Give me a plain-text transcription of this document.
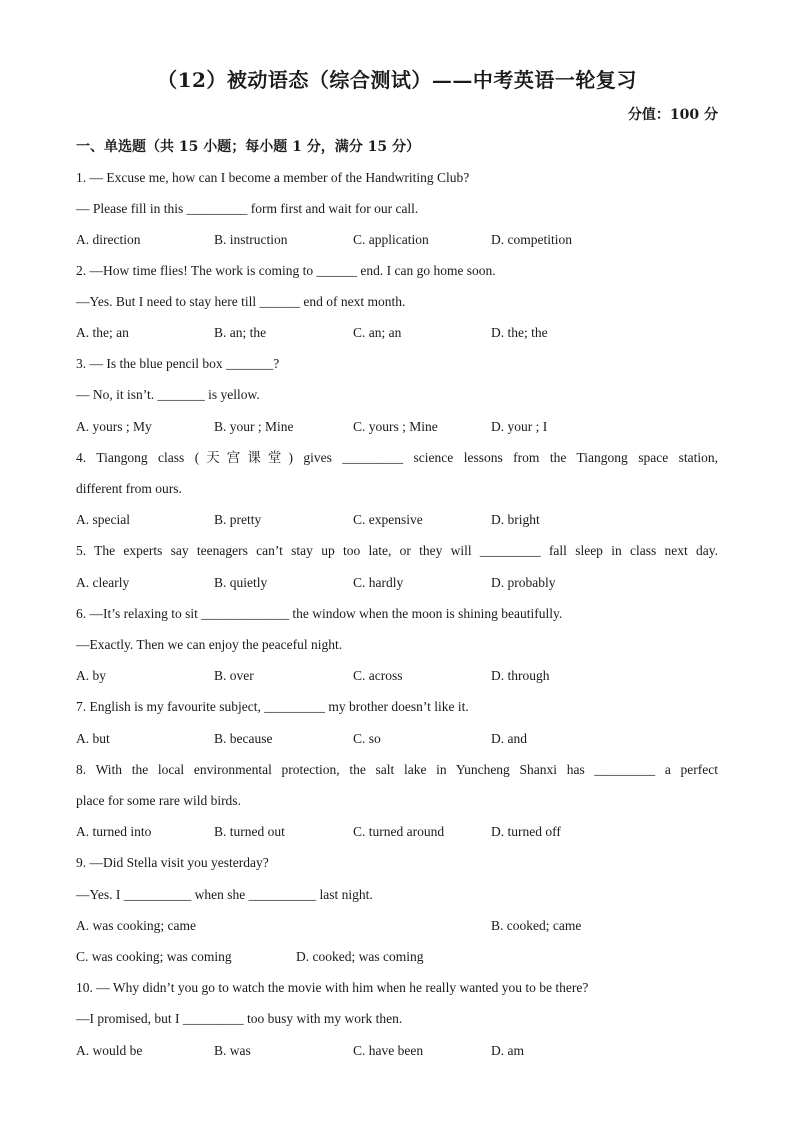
（12）被动语态（综合测试）——中考英语一轮复习
分值：100 分
一、单选题（共 15 小题；每小题 1 分，满分 15 分）
1. — Excuse me, how can I become a member of the Handwriting Club?
— Please fill in this _________ form first and wait for our call.
A. direction	B. instruction	C. application	D. competition
2. —How time flies! The work is coming to ______ end. I can go home soon.
—Yes. But I need to stay here till ______ end of next month.
A. the; an	B. an; the	C. an; an	D. the; the
3. — Is the blue pencil box _______?
— No, it isn’t. _______ is yellow.
A. yours ; My	B. your ; Mine	C. yours ; Mine	D. your ; I
4. Tiangong class (天宫课堂) gives _________ science lessons from the Tiangong space station,
different from ours.
A. special	B. pretty	C. expensive	D. bright
5. The experts say teenagers can’t stay up too late, or they will _________ fall sleep in class next day.
A. clearly	B. quietly	C. hardly	D. probably
6. —It’s relaxing to sit _____________ the window when the moon is shining beautifully.
—Exactly. Then we can enjoy the peaceful night.
A. by	B. over	C. across	D. through
7. English is my favourite subject, _________ my brother doesn’t like it.
A. but	B. because	C. so	D. and
8. With the local environmental protection, the salt lake in Yuncheng Shanxi has _________ a perfect
place for some rare wild birds.
A. turned into	B. turned out	C. turned around	D. turned off
9. —Did Stella visit you yesterday?
—Yes. I __________ when she __________ last night.
A. was cooking; came	B. cooked; came
C. was cooking; was coming	D. cooked; was coming
10. — Why didn’t you go to watch the movie with him when he really wanted you to be there?
—I promised, but I _________ too busy with my work then.
A. would be	B. was	C. have been	D. am
